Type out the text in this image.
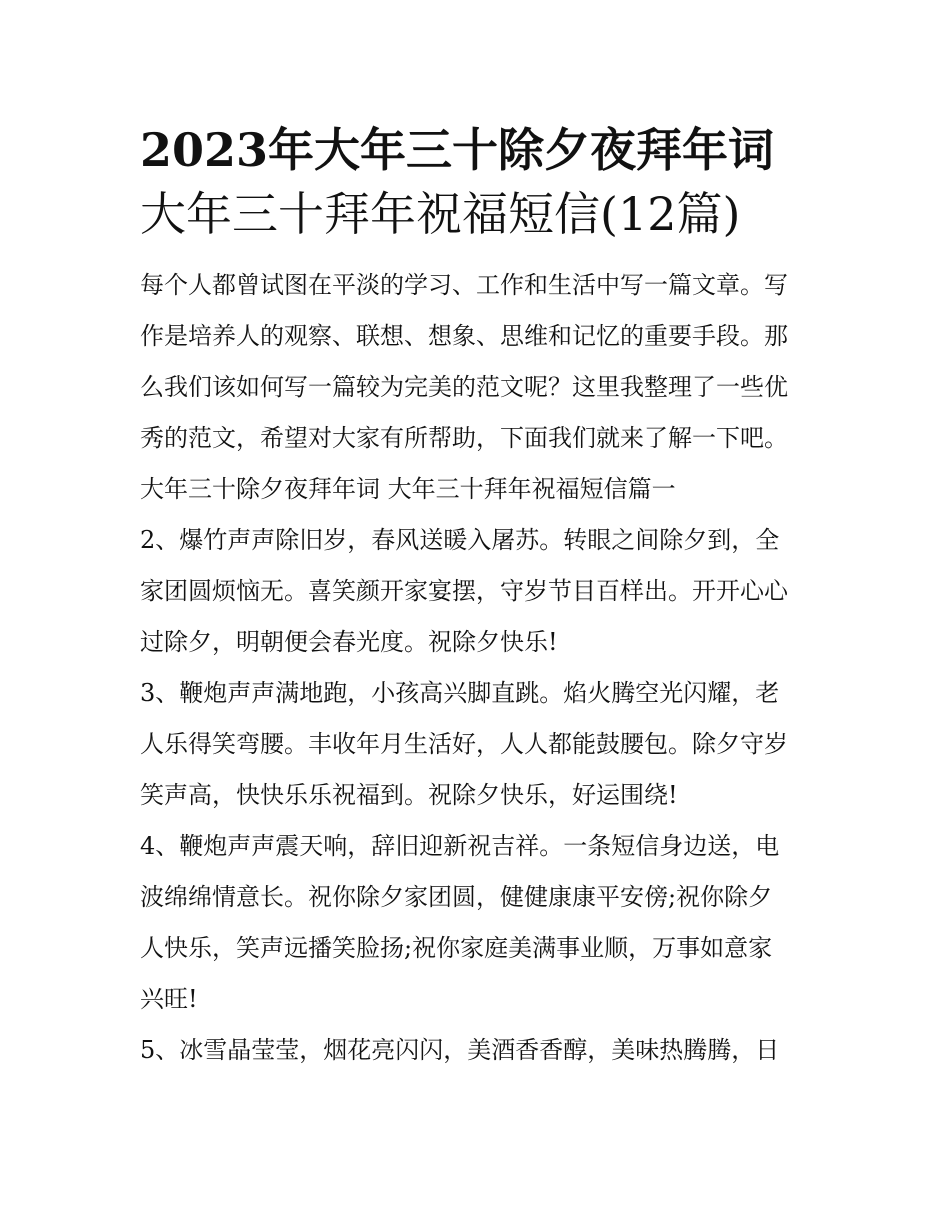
2023年大年三十除夕夜拜年词
大年三十拜年祝福短信(12篇)

每个人都曾试图在平淡的学习、工作和生活中写一篇文章。写
作是培养人的观察、联想、想象、思维和记忆的重要手段。那
么我们该如何写一篇较为完美的范文呢？这里我整理了一些优
秀的范文，希望对大家有所帮助，下面我们就来了解一下吧。
大年三十除夕夜拜年词 大年三十拜年祝福短信篇一
2、爆竹声声除旧岁，春风送暖入屠苏。转眼之间除夕到，全
家团圆烦恼无。喜笑颜开家宴摆，守岁节目百样出。开开心心
过除夕，明朝便会春光度。祝除夕快乐!
3、鞭炮声声满地跑，小孩高兴脚直跳。焰火腾空光闪耀，老
人乐得笑弯腰。丰收年月生活好，人人都能鼓腰包。除夕守岁
笑声高，快快乐乐祝福到。祝除夕快乐，好运围绕!
4、鞭炮声声震天响，辞旧迎新祝吉祥。一条短信身边送，电
波绵绵情意长。祝你除夕家团圆，健健康康平安傍;祝你除夕
人快乐，笑声远播笑脸扬;祝你家庭美满事业顺，万事如意家
兴旺!
5、冰雪晶莹莹，烟花亮闪闪，美酒香香醇，美味热腾腾，日
